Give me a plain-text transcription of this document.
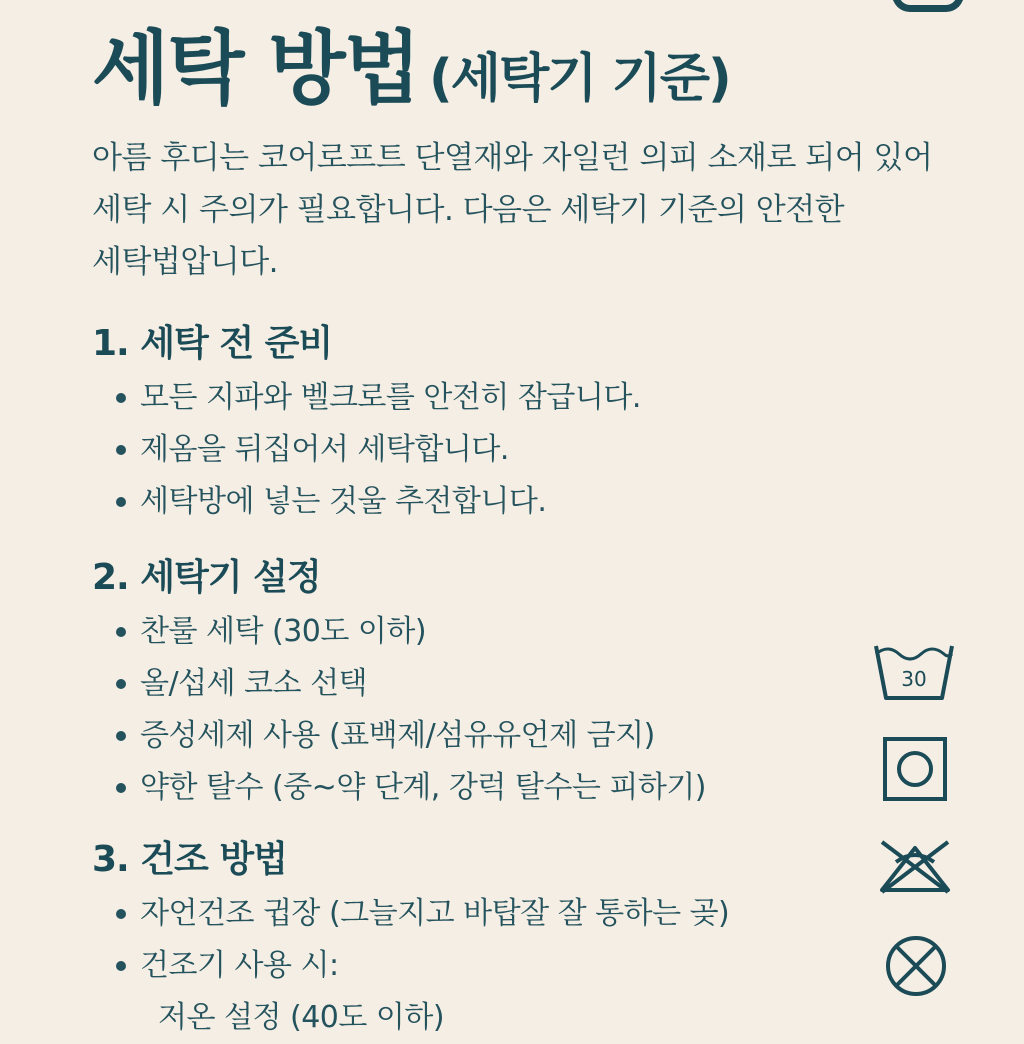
세탁 방법 (세탁기 기준)
아름 후디는 코어로프트 단열재와 자일런 의피 소재로 되어 있어
세탁 시 주의가 필요합니다. 다음은 세탁기 기준의 안전한
세탁법압니다.
1. 세탁 전 준비
모든 지파와 벨크로를 안전히 잠급니다.
제옴을 뒤집어서 세탁합니다.
세탁방에 넣는 것울 추전합니다.
2. 세탁기 설정
찬룰 세탁 (30도 이하)
올/섭세 코소 선택
증성세제 사용 (표백제/섬유유언제 금지)
약한 탈수 (중~약 단계, 강럭 탈수는 피하기)
3. 건조 방법
자언건조 귑장 (그늘지고 바탑잘 잘 통하는 곶)
건조기 사용 시:
저온 설정 (40도 이하)
30
